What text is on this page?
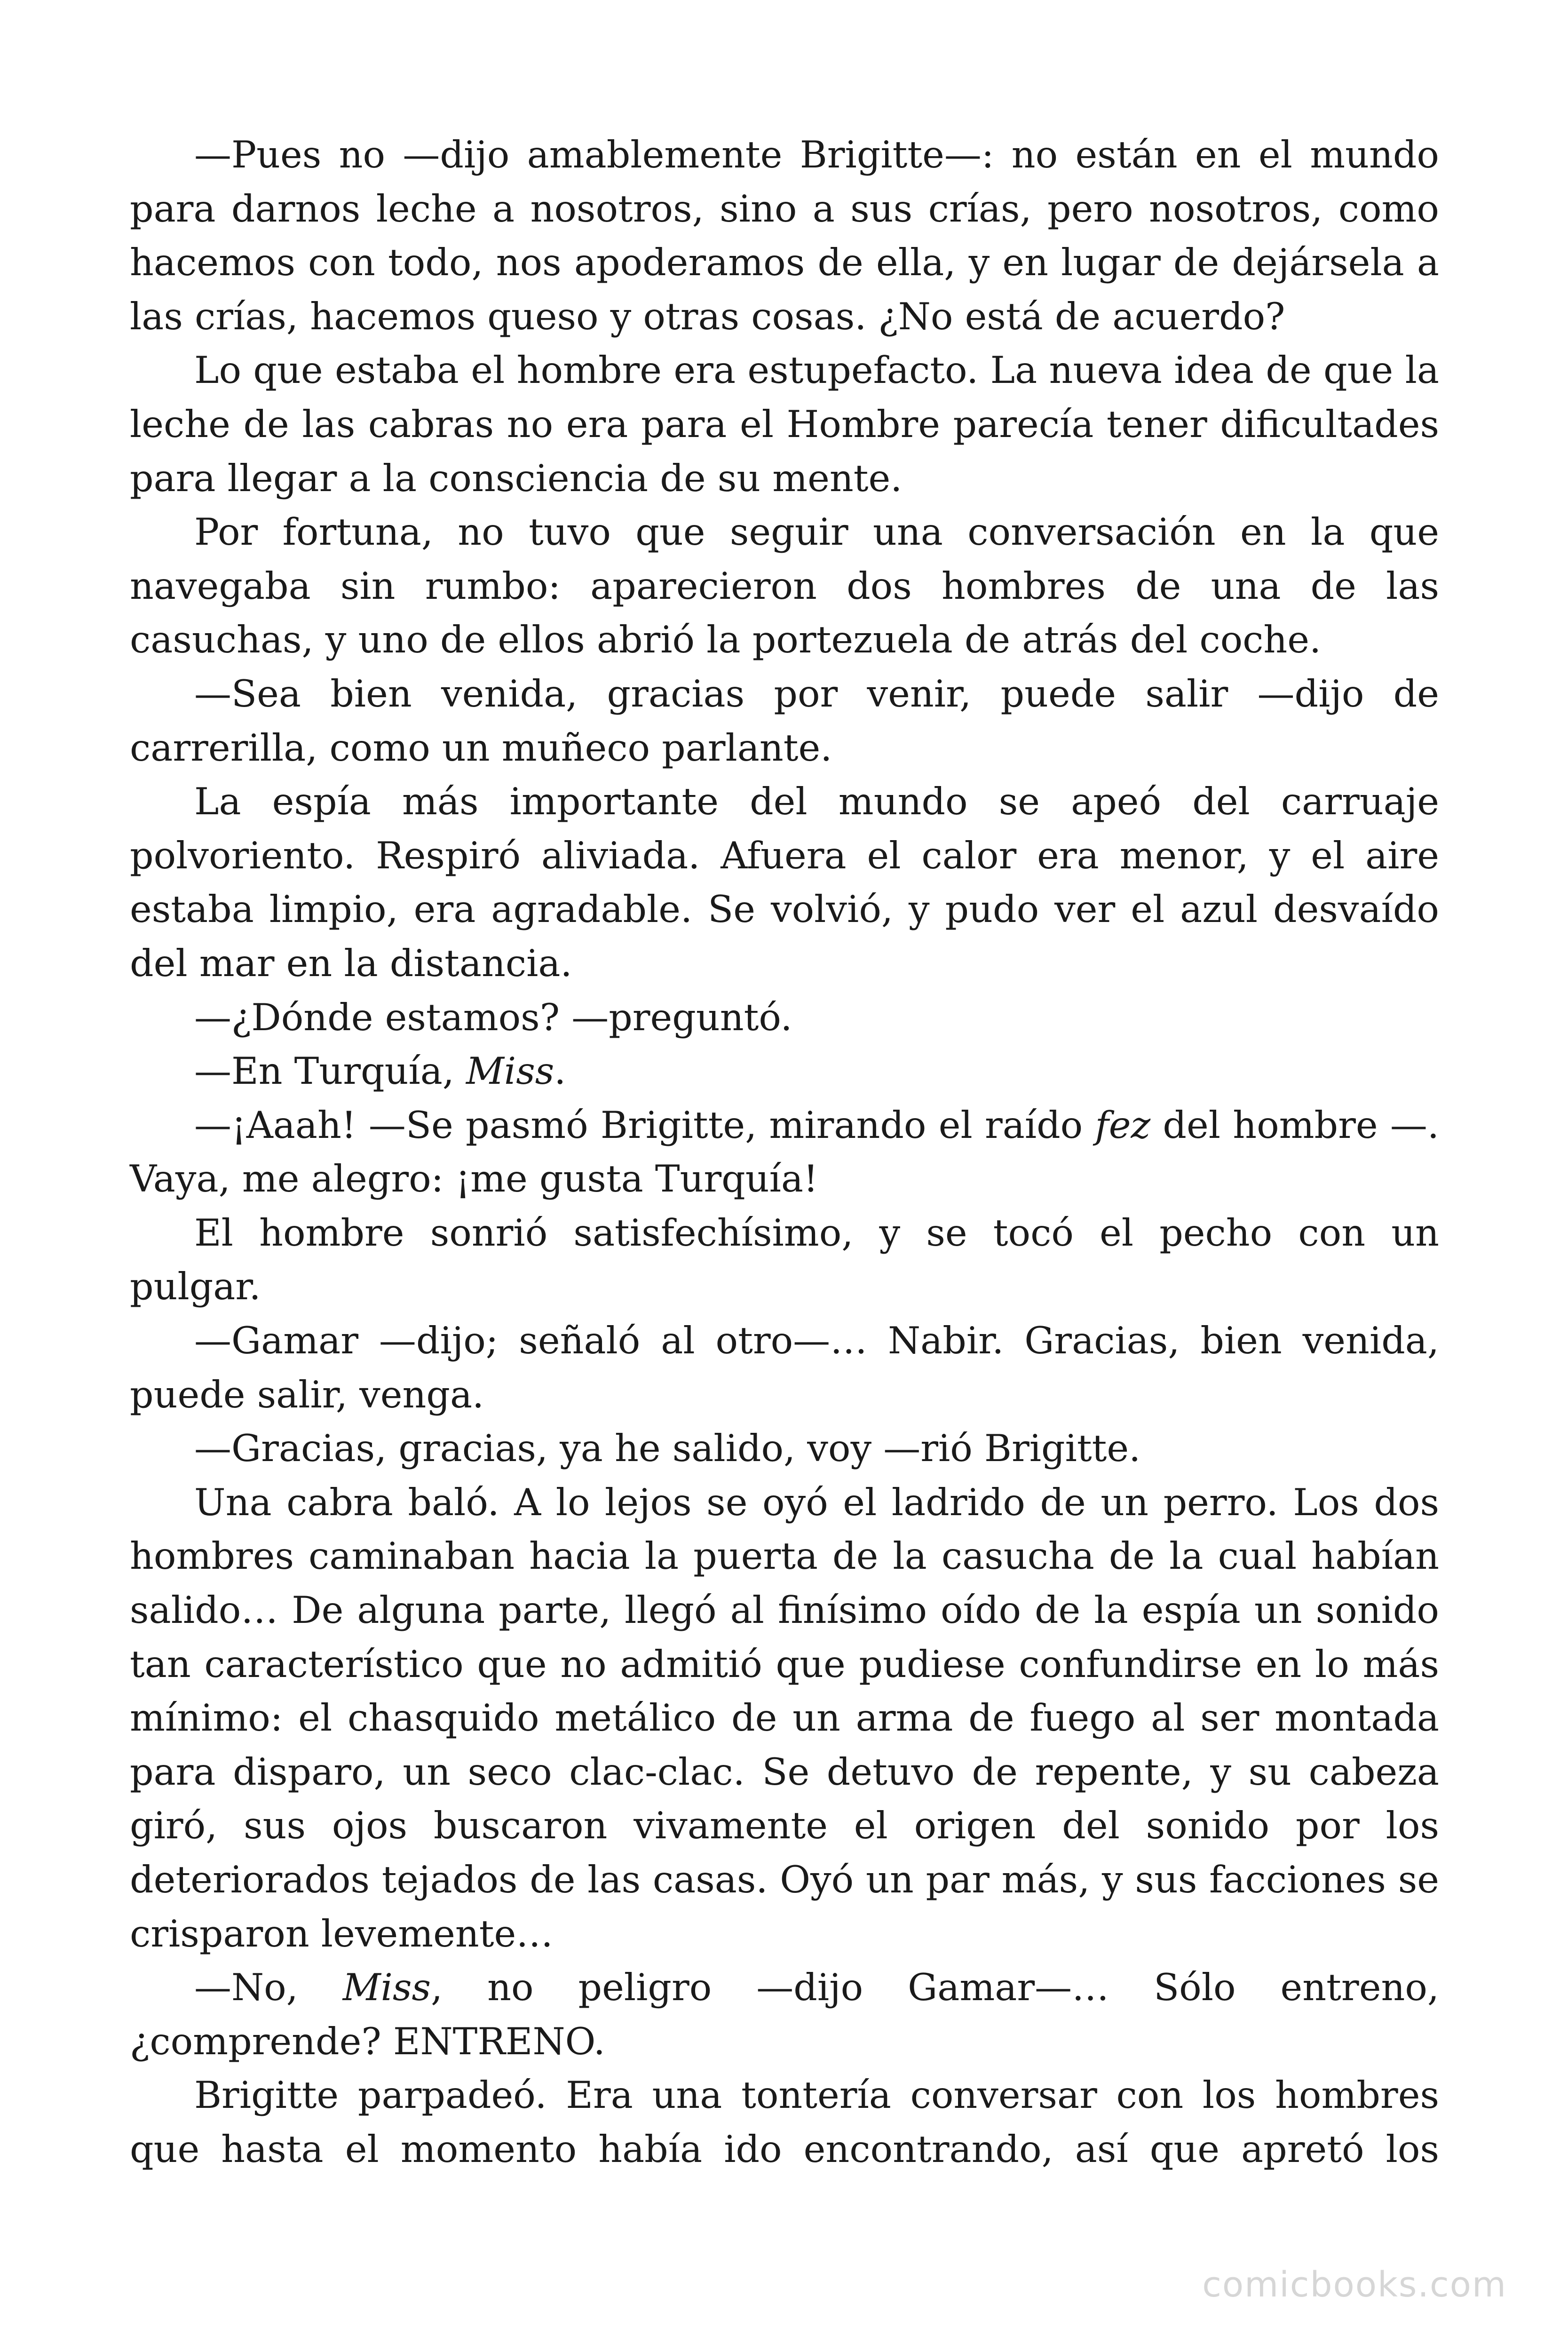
—Pues no —dijo amablemente Brigitte—: no están en el mundo para darnos leche a nosotros, sino a sus crías, pero nosotros, como hacemos con todo, nos apoderamos de ella, y en lugar de dejársela a las crías, hacemos queso y otras cosas. ¿No está de acuerdo?

Lo que estaba el hombre era estupefacto. La nueva idea de que la leche de las cabras no era para el Hombre parecía tener dificultades para llegar a la consciencia de su mente.

Por fortuna, no tuvo que seguir una conversación en la que navegaba sin rumbo: aparecieron dos hombres de una de las casuchas, y uno de ellos abrió la portezuela de atrás del coche.

—Sea bien venida, gracias por venir, puede salir —dijo de carrerilla, como un muñeco parlante.

La espía más importante del mundo se apeó del carruaje polvoriento. Respiró aliviada. Afuera el calor era menor, y el aire estaba limpio, era agradable. Se volvió, y pudo ver el azul desvaído del mar en la distancia.

—¿Dónde estamos? —preguntó.

—En Turquía, Miss.

—¡Aaah! —Se pasmó Brigitte, mirando el raído fez del hombre —. Vaya, me alegro: ¡me gusta Turquía!

El hombre sonrió satisfechísimo, y se tocó el pecho con un pulgar.

—Gamar —dijo; señaló al otro—… Nabir. Gracias, bien venida, puede salir, venga.

—Gracias, gracias, ya he salido, voy —rió Brigitte.

Una cabra baló. A lo lejos se oyó el ladrido de un perro. Los dos hombres caminaban hacia la puerta de la casucha de la cual habían salido… De alguna parte, llegó al finísimo oído de la espía un sonido tan característico que no admitió que pudiese confundirse en lo más mínimo: el chasquido metálico de un arma de fuego al ser montada para disparo, un seco clac-clac. Se detuvo de repente, y su cabeza giró, sus ojos buscaron vivamente el origen del sonido por los deteriorados tejados de las casas. Oyó un par más, y sus facciones se crisparon levemente…

—No, Miss, no peligro —dijo Gamar—… Sólo entreno, ¿comprende? ENTRENO.

Brigitte parpadeó. Era una tontería conversar con los hombres que hasta el momento había ido encontrando, así que apretó los

comicbooks.com
